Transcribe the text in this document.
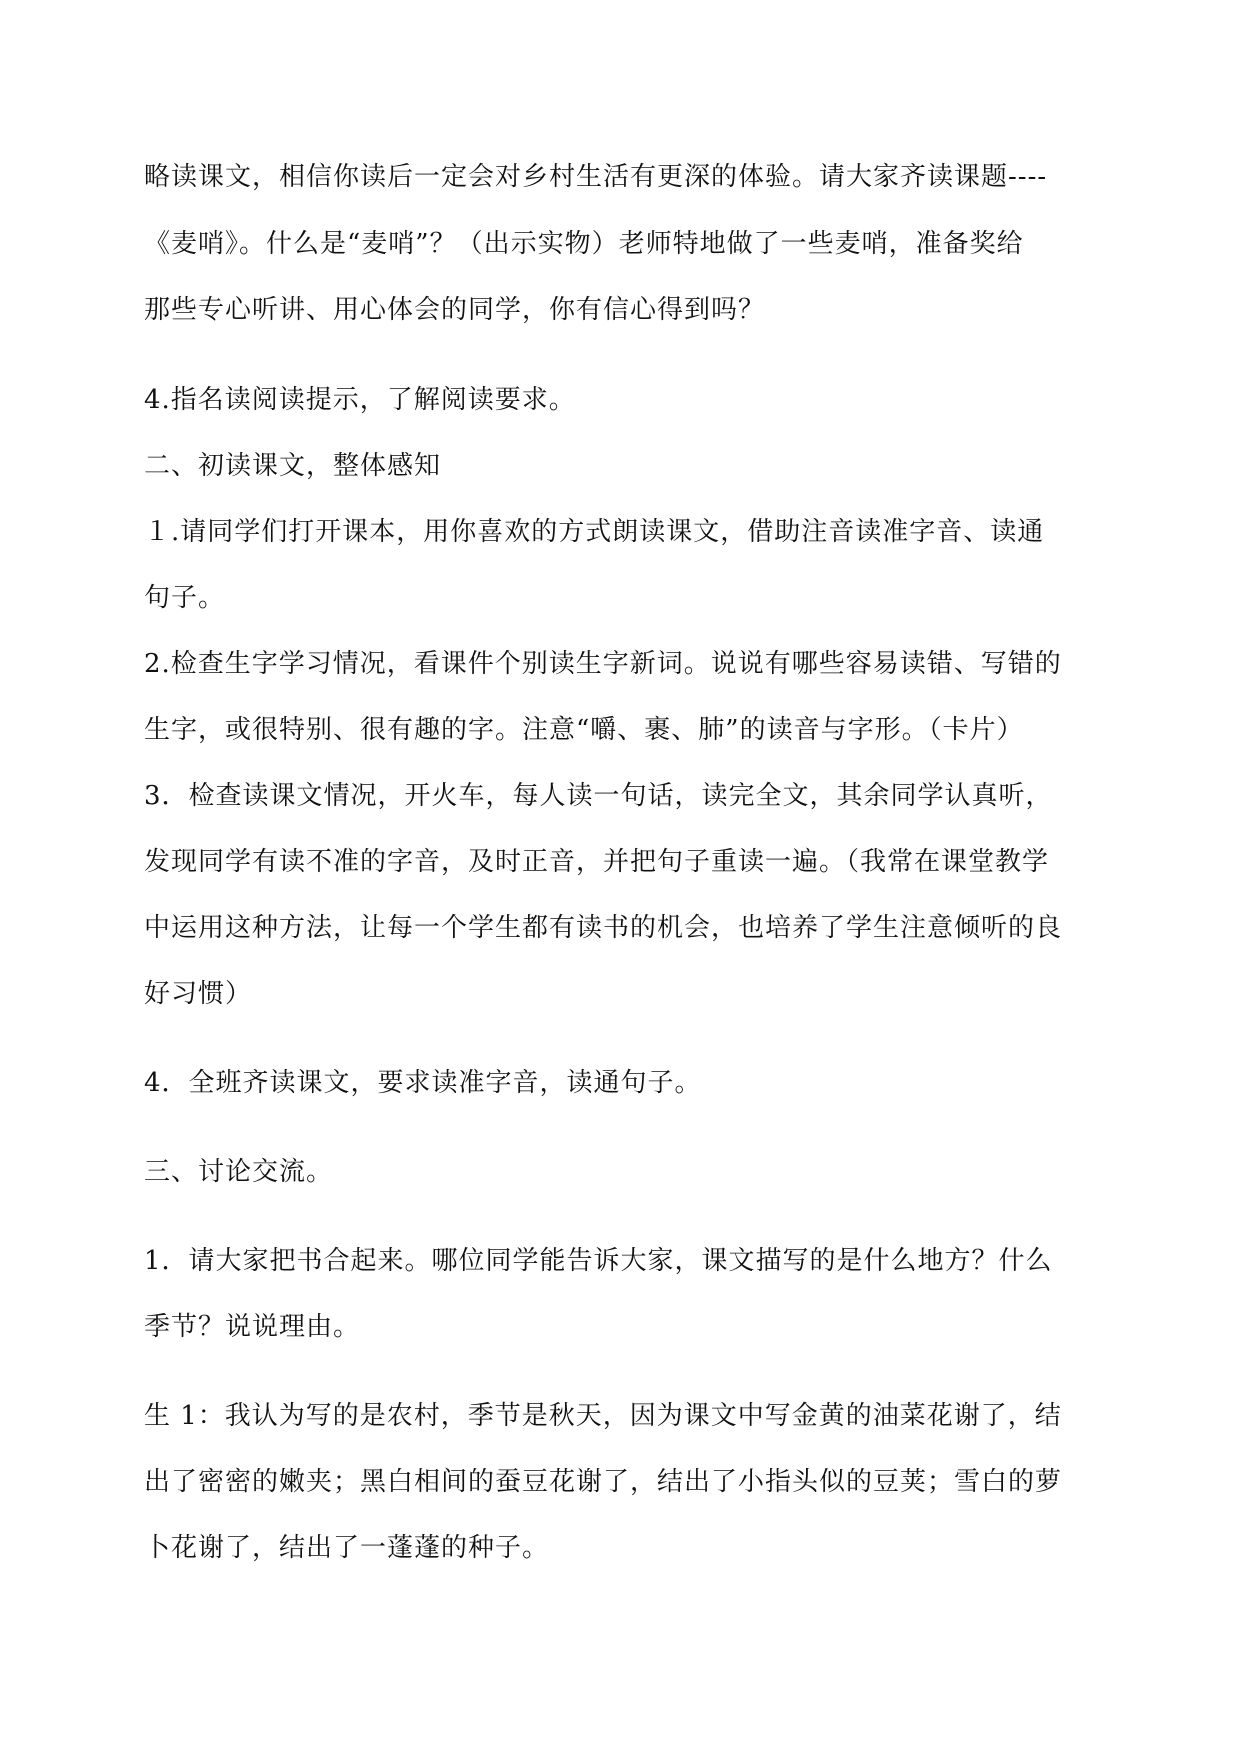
略读课文，相信你读后一定会对乡村生活有更深的体验。请大家齐读课题----
《麦哨》。什么是“麦哨”？（出示实物）老师特地做了一些麦哨，准备奖给
那些专心听讲、用心体会的同学，你有信心得到吗？
4.指名读阅读提示，了解阅读要求。
二、初读课文，整体感知
１.请同学们打开课本，用你喜欢的方式朗读课文，借助注音读准字音、读通
句子。
2.检查生字学习情况，看课件个别读生字新词。说说有哪些容易读错、写错的
生字，或很特别、很有趣的字。注意“嚼、裹、肺”的读音与字形。（卡片）
3．检查读课文情况，开火车，每人读一句话，读完全文，其余同学认真听，
发现同学有读不准的字音，及时正音，并把句子重读一遍。（我常在课堂教学
中运用这种方法，让每一个学生都有读书的机会，也培养了学生注意倾听的良
好习惯）
4．全班齐读课文，要求读准字音，读通句子。
三、讨论交流。
1．请大家把书合起来。哪位同学能告诉大家，课文描写的是什么地方？什么
季节？说说理由。
生 1：我认为写的是农村，季节是秋天，因为课文中写金黄的油菜花谢了，结
出了密密的嫩夹；黑白相间的蚕豆花谢了，结出了小指头似的豆荚；雪白的萝
卜花谢了，结出了一蓬蓬的种子。
